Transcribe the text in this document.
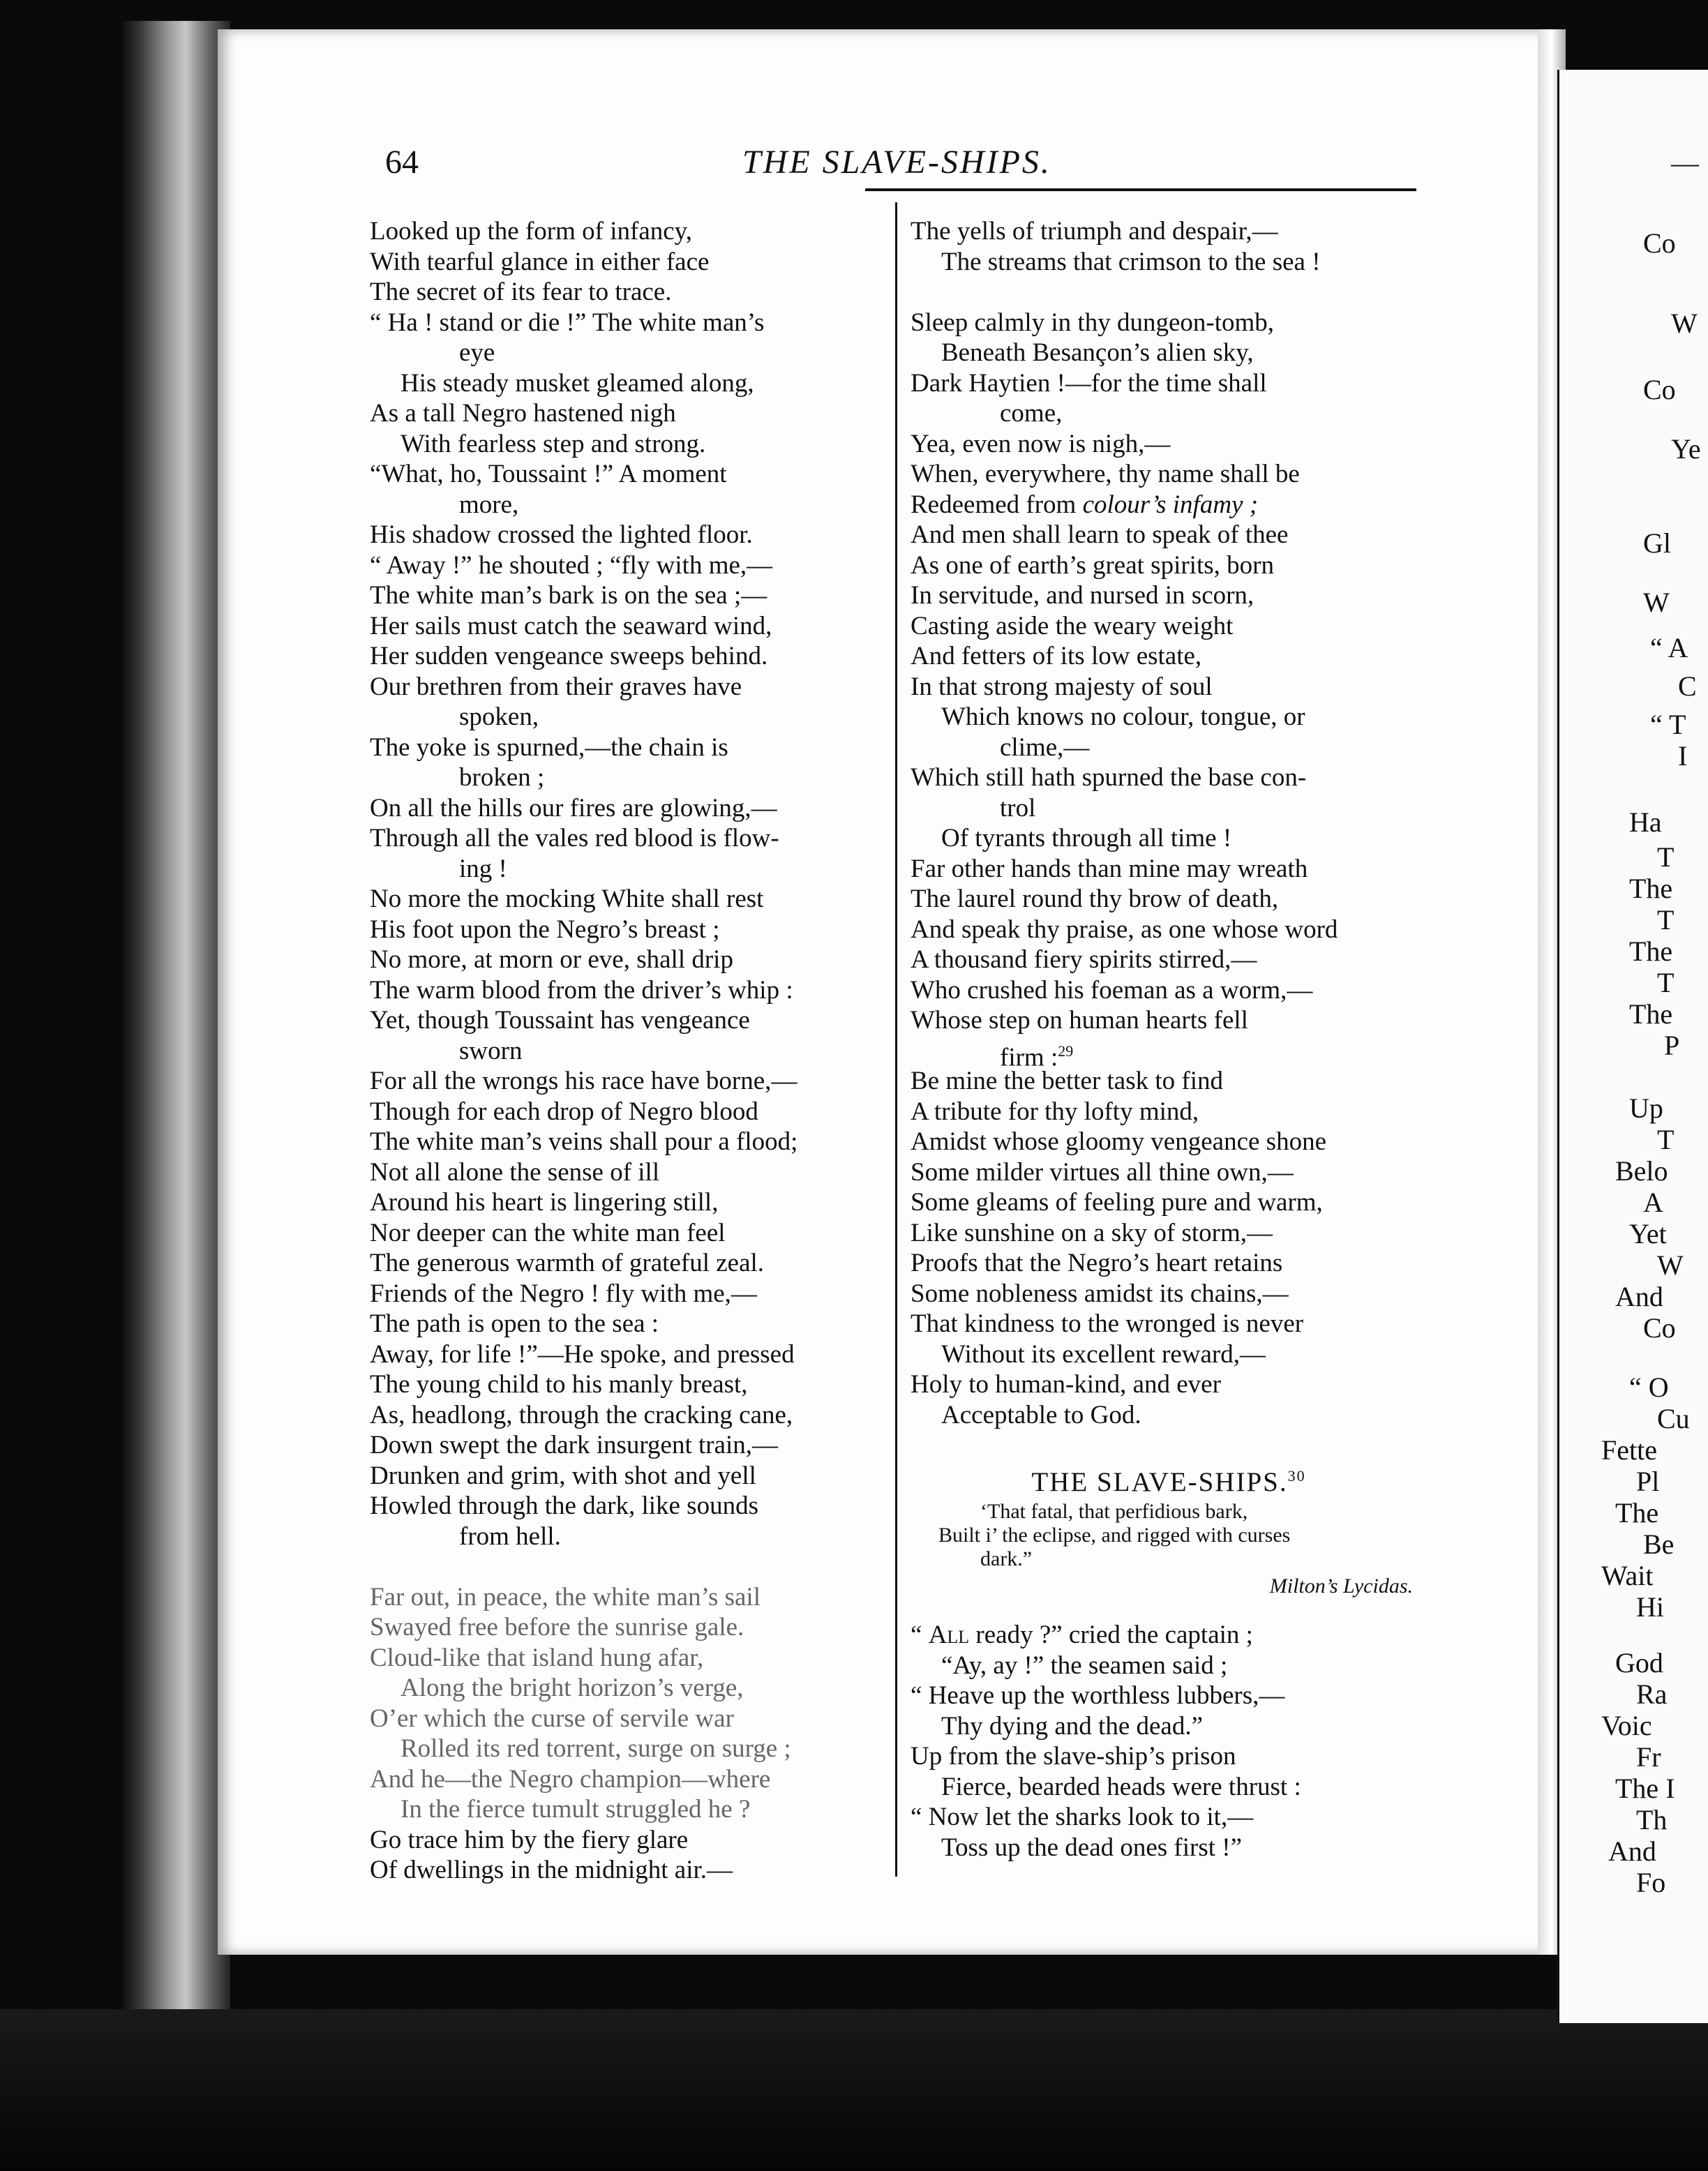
—
Co
W
Co
Ye
Gl
W
“ A
C
“ T
I
Ha
T
The
T
The
T
The
P
Up
T
Belo
A
Yet
W
And
Co
“ O
Cu
Fette
Pl
The
Be
Wait
Hi
God
Ra
Voic
Fr
The I
Th
And
Fo
64	THE SLAVE-SHIPS.
Looked up the form of infancy,
With tearful glance in either face
The secret of its fear to trace.
“ Ha ! stand or die !” The white man’s
eye
His steady musket gleamed along,
As a tall Negro hastened nigh
With fearless step and strong.
“What, ho, Toussaint !” A moment
more,
His shadow crossed the lighted floor.
“ Away !” he shouted ; “fly with me,—
The white man’s bark is on the sea ;—
Her sails must catch the seaward wind,
Her sudden vengeance sweeps behind.
Our brethren from their graves have
spoken,
The yoke is spurned,—the chain is
broken ;
On all the hills our fires are glowing,—
Through all the vales red blood is flow-
ing !
No more the mocking White shall rest
His foot upon the Negro’s breast ;
No more, at morn or eve, shall drip
The warm blood from the driver’s whip :
Yet, though Toussaint has vengeance
sworn
For all the wrongs his race have borne,—
Though for each drop of Negro blood
The white man’s veins shall pour a flood;
Not all alone the sense of ill
Around his heart is lingering still,
Nor deeper can the white man feel
The generous warmth of grateful zeal.
Friends of the Negro ! fly with me,—
The path is open to the sea :
Away, for life !”—He spoke, and pressed
The young child to his manly breast,
As, headlong, through the cracking cane,
Down swept the dark insurgent train,—
Drunken and grim, with shot and yell
Howled through the dark, like sounds
from hell.
Far out, in peace, the white man’s sail
Swayed free before the sunrise gale.
Cloud-like that island hung afar,
Along the bright horizon’s verge,
O’er which the curse of servile war
Rolled its red torrent, surge on surge ;
And he—the Negro champion—where
In the fierce tumult struggled he ?
Go trace him by the fiery glare
Of dwellings in the midnight air.—
The yells of triumph and despair,—
The streams that crimson to the sea !
Sleep calmly in thy dungeon-tomb,
Beneath Besançon’s alien sky,
Dark Haytien !—for the time shall
come,
Yea, even now is nigh,—
When, everywhere, thy name shall be
Redeemed from colour’s infamy ;
And men shall learn to speak of thee
As one of earth’s great spirits, born
In servitude, and nursed in scorn,
Casting aside the weary weight
And fetters of its low estate,
In that strong majesty of soul
Which knows no colour, tongue, or
clime,—
Which still hath spurned the base con-
trol
Of tyrants through all time !
Far other hands than mine may wreath
The laurel round thy brow of death,
And speak thy praise, as one whose word
A thousand fiery spirits stirred,—
Who crushed his foeman as a worm,—
Whose step on human hearts fell
firm :$^{29}$
Be mine the better task to find
A tribute for thy lofty mind,
Amidst whose gloomy vengeance shone
Some milder virtues all thine own,—
Some gleams of feeling pure and warm,
Like sunshine on a sky of storm,—
Proofs that the Negro’s heart retains
Some nobleness amidst its chains,—
That kindness to the wronged is never
Without its excellent reward,—
Holy to human-kind, and ever
Acceptable to God.
THE SLAVE-SHIPS.$^{30}$
‘That fatal, that perfidious bark,
Built i’ the eclipse, and rigged with curses
dark.”
Milton’s Lycidas.
“ All ready ?” cried the captain ;
“Ay, ay !” the seamen said ;
“ Heave up the worthless lubbers,—
Thy dying and the dead.”
Up from the slave-ship’s prison
Fierce, bearded heads were thrust :
“ Now let the sharks look to it,—
Toss up the dead ones first !”
